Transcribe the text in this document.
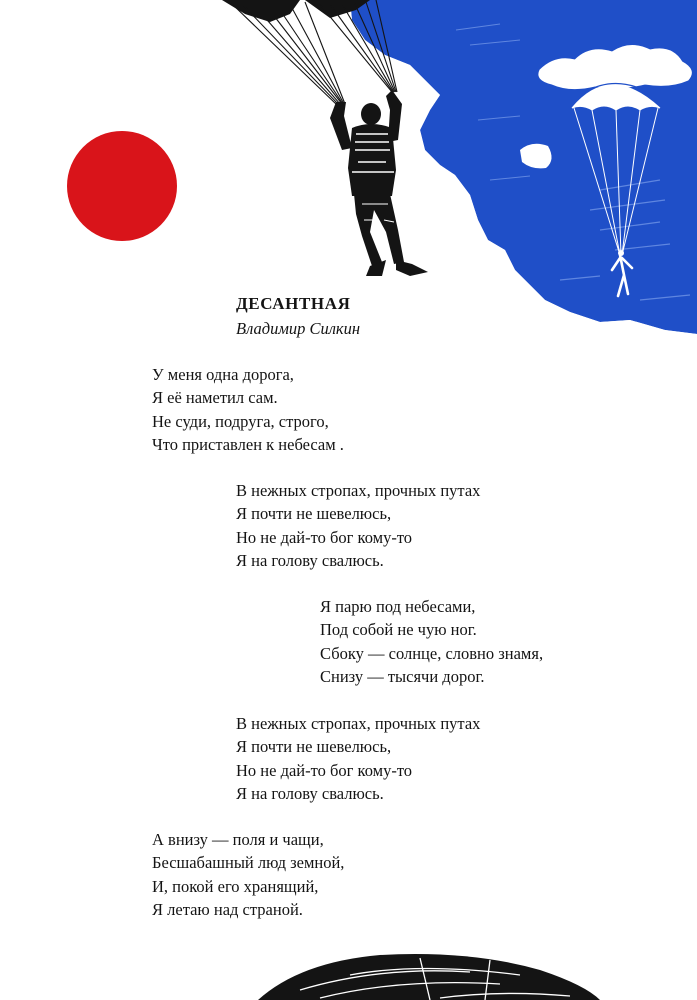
ДЕСАНТНАЯ

Владимир Силкин

У меня одна дорога,
Я её наметил сам.
Не суди, подруга, строго,
Что приставлен к небесам .
В нежных стропах, прочных путах
Я почти не шевелюсь,
Но не дай-то бог кому-то
Я на голову свалюсь.
Я парю под небесами,
Под собой не чую ног.
Сбоку — солнце, словно знамя,
Снизу — тысячи дорог.
В нежных стропах, прочных путах
Я почти не шевелюсь,
Но не дай-то бог кому-то
Я на голову свалюсь.
А внизу — поля и чащи,
Бесшабашный люд земной,
И, покой его хранящий,
Я летаю над страной.
